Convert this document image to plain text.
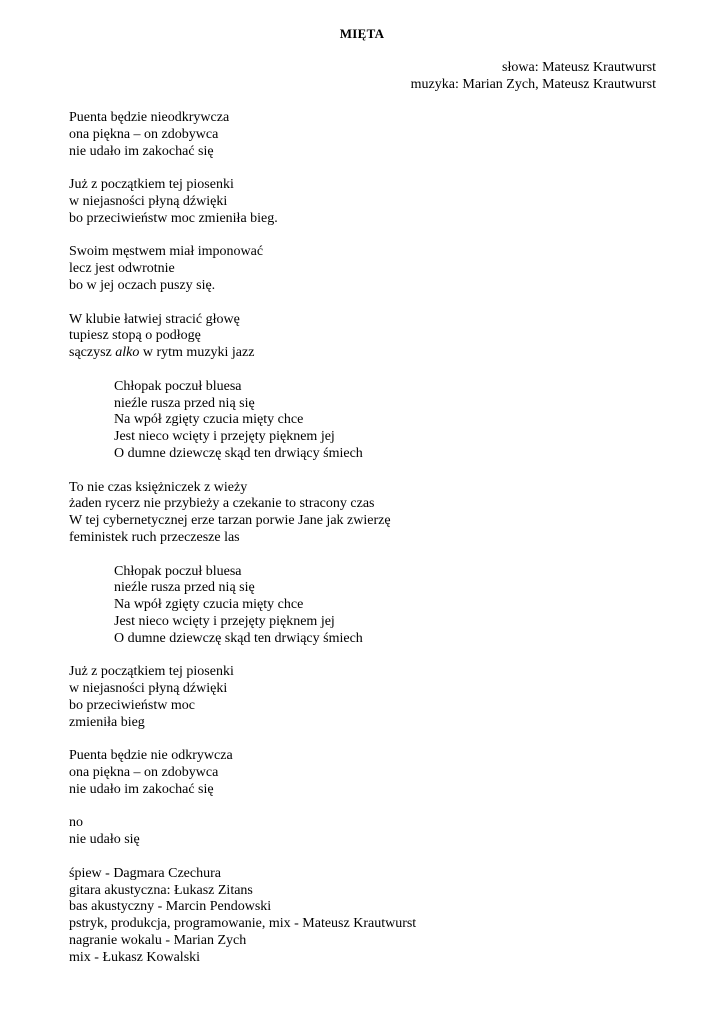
MIĘTA
słowa: Mateusz Krautwurst
muzyka: Marian Zych, Mateusz Krautwurst
Puenta będzie nieodkrywcza
ona piękna – on zdobywca
nie udało im zakochać się
Już z początkiem tej piosenki
w niejasności płyną dźwięki
bo przeciwieństw moc zmieniła bieg.
Swoim męstwem miał imponować
lecz jest odwrotnie
bo w jej oczach puszy się.
W klubie łatwiej stracić głowę
tupiesz stopą o podłogę
sączysz alko w rytm muzyki jazz
Chłopak poczuł bluesa
nieźle rusza przed nią się
Na wpół zgięty czucia mięty chce
Jest nieco wcięty i przejęty pięknem jej
O dumne dziewczę skąd ten drwiący śmiech
To nie czas księżniczek z wieży
żaden rycerz nie przybieży a czekanie to stracony czas
W tej cybernetycznej erze tarzan porwie Jane jak zwierzę
feministek ruch przeczesze las
Chłopak poczuł bluesa
nieźle rusza przed nią się
Na wpół zgięty czucia mięty chce
Jest nieco wcięty i przejęty pięknem jej
O dumne dziewczę skąd ten drwiący śmiech
Już z początkiem tej piosenki
w niejasności płyną dźwięki
bo przeciwieństw moc
zmieniła bieg
Puenta będzie nie odkrywcza
ona piękna – on zdobywca
nie udało im zakochać się
no
nie udało się
śpiew - Dagmara Czechura
gitara akustyczna: Łukasz Zitans
bas akustyczny - Marcin Pendowski
pstryk, produkcja, programowanie, mix - Mateusz Krautwurst
nagranie wokalu - Marian Zych
mix - Łukasz Kowalski
